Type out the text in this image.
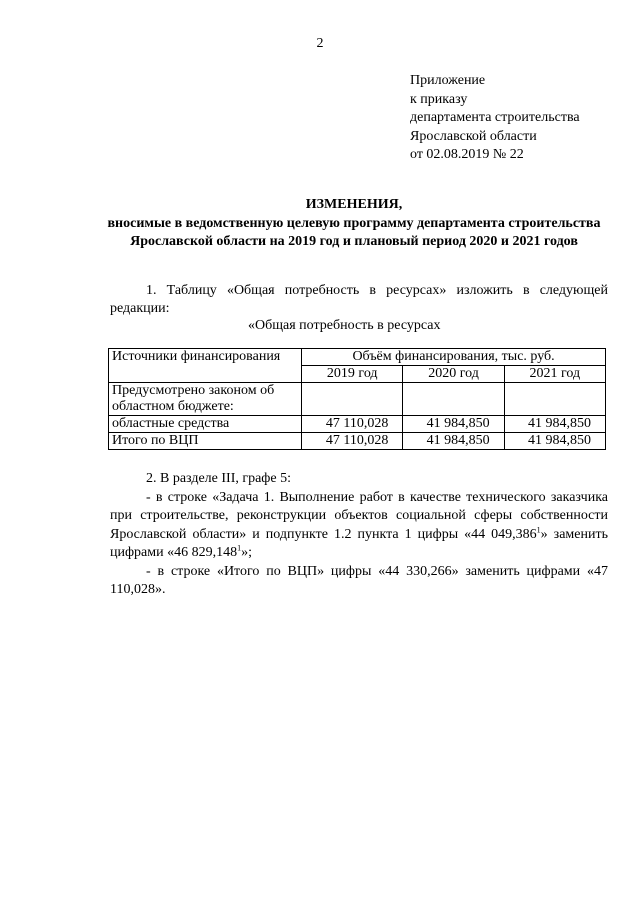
2
Приложение
к приказу
департамента строительства
Ярославской области
от 02.08.2019 № 22
ИЗМЕНЕНИЯ,
вносимые в ведомственную целевую программу департамента строительства Ярославской области на 2019 год и плановый период 2020 и 2021 годов
1. Таблицу «Общая потребность в ресурсах» изложить в следующей редакции:
«Общая потребность в ресурсах
Источники финансирования	Объём финансирования, тыс. руб.		
	2019 год	2020 год	2021 год
Предусмотрено законом об областном бюджете:			
областные средства	47 110,028	41 984,850	41 984,850
Итого по ВЦП	47 110,028	41 984,850	41 984,850

2. В разделе III, графе 5:

- в строке «Задача 1. Выполнение работ в качестве технического заказчика при строительстве, реконструкции объектов социальной сферы собственности Ярославской области» и подпункте 1.2 пункта 1 цифры «44 049,386$^1$» заменить цифрами «46 829,148$^1$»;

- в строке «Итого по ВЦП» цифры «44 330,266» заменить цифрами «47 110,028».
